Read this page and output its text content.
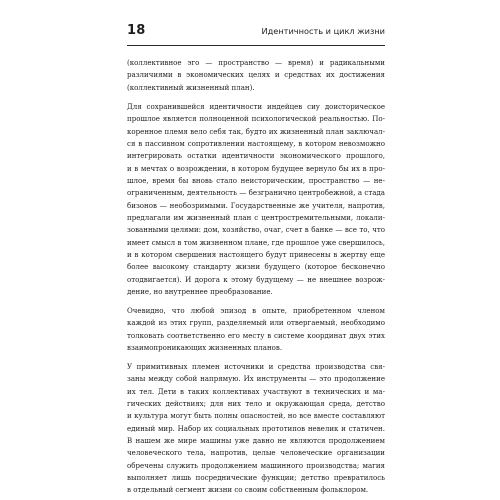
18	Идентичность и цикл жизни
(коллективное эго — пространство — время) и радикальными
различиями в экономических целях и средствах их достижения
(коллективный жизненный план).
Для сохранившейся идентичности индейцев сиу доисторическое
прошлое является полноценной психологической реальностью. По-
коренное племя вело себя так, будто их жизненный план заключал-
ся в пассивном сопротивлении настоящему, в котором невозможно
интегрировать остатки идентичности экономического прошлого,
и в мечтах о возрождении, в котором будущее вернуло бы их в про-
шлое, время бы вновь стало неисторическим, пространство — не-
ограниченным, деятельность — безгранично центробежной, а стада
бизонов — необозримыми. Государственные же учителя, напротив,
предлагали им жизненный план с центростремительными, локали-
зованными целями: дом, хозяйство, очаг, счет в банке — все то, что
имеет смысл в том жизненном плане, где прошлое уже свершилось,
и в котором свершения настоящего будут принесены в жертву еще
более высокому стандарту жизни будущего (которое бесконечно
отодвигается). И дорога к этому будущему — не внешнее возрож-
дение, но внутреннее преобразование.
Очевидно, что любой эпизод в опыте, приобретенном членом
каждой из этих групп, разделяемый или отвергаемый, необходимо
толковать соответственно его месту в системе координат двух этих
взаимопроникающих жизненных планов.
У примитивных племен источники и средства производства свя-
заны между собой напрямую. Их инструменты — это продолжение
их тел. Дети в таких коллективах участвуют в технических и ма-
гических действиях; для них тело и окружающая среда, детство
и культура могут быть полны опасностей, но все вместе составляют
единый мир. Набор их социальных прототипов невелик и статичен.
В нашем же мире машины уже давно не являются продолжением
человеческого тела, напротив, целые человеческие организации
обречены служить продолжением машинного производства; магия
выполняет лишь посреднические функции; детство превратилось
в отдельный сегмент жизни со своим собственным фольклором.
